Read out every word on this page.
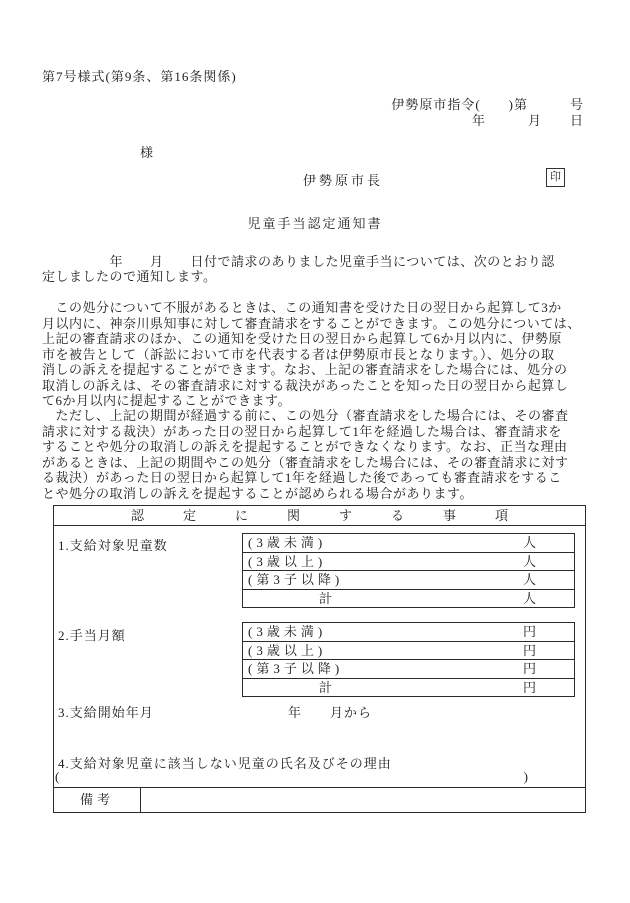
第7号様式(第9条、第16条関係)
伊勢原市指令(　　)第　　　号
年　　　月　　日
様
伊勢原市長	印
児童手当認定通知書
　　　　　年　　月　　日付で請求のありました児童手当については、次のとおり認
定しましたので通知します。
　この処分について不服があるときは、この通知書を受けた日の翌日から起算して3か
月以内に、神奈川県知事に対して審査請求をすることができます。この処分については、
上記の審査請求のほか、この通知を受けた日の翌日から起算して6か月以内に、伊勢原
市を被告として（訴訟において市を代表する者は伊勢原市長となります。）、処分の取
消しの訴えを提起することができます。なお、上記の審査請求をした場合には、処分の
取消しの訴えは、その審査請求に対する裁決があったことを知った日の翌日から起算し
て6か月以内に提起することができます。
　ただし、上記の期間が経過する前に、この処分（審査請求をした場合には、その審査
請求に対する裁決）があった日の翌日から起算して1年を経過した場合は、審査請求を
することや処分の取消しの訴えを提起することができなくなります。なお、正当な理由
があるときは、上記の期間やこの処分（審査請求をした場合には、その審査請求に対す
る裁決）があった日の翌日から起算して1年を経過した後であっても審査請求をするこ
とや処分の取消しの訴えを提起することが認められる場合があります。
認定に関する事項
1.支給対象児童数	(3歳未満)	人
(3歳以上)	人
(第3子以降)	人
計	人
2.手当月額	(3歳未満)	円
(3歳以上)	円
(第3子以降)	円
計	円
3.支給開始年月	年　　月から
4.支給対象児童に該当しない児童の氏名及びその理由
(	)
備考
